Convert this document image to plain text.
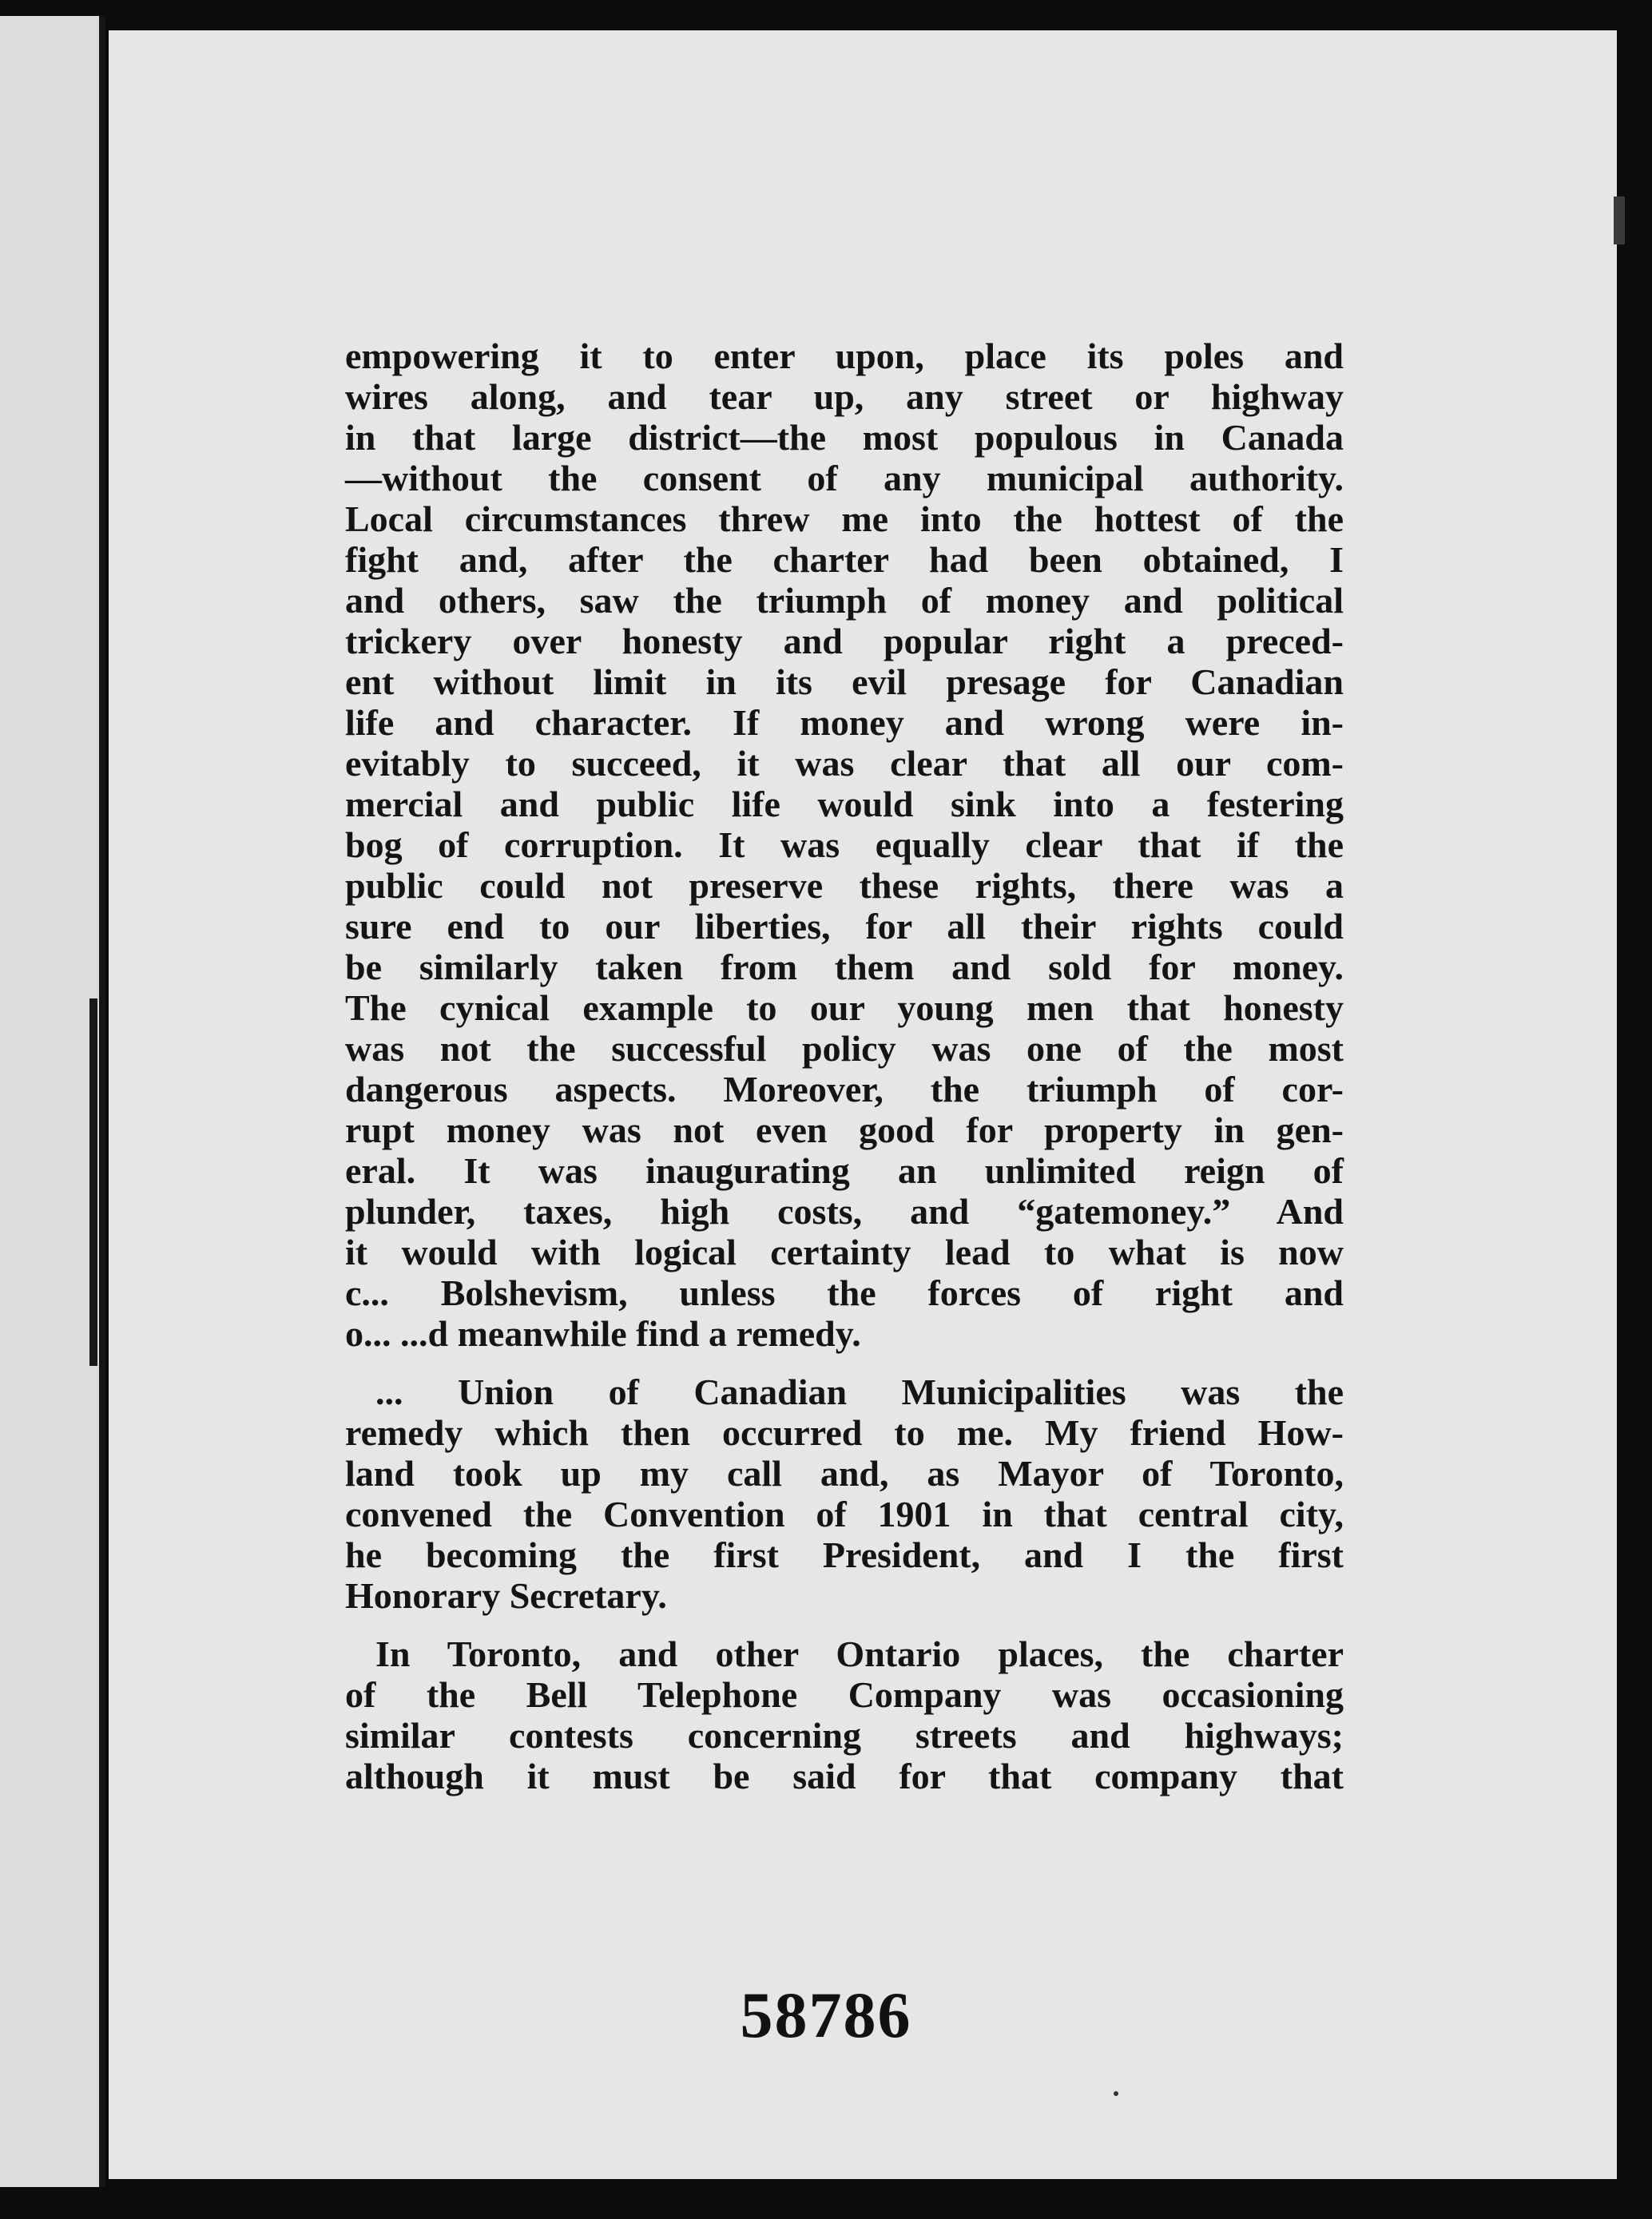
empowering it to enter upon, place its poles and
wires along, and tear up, any street or highway
in that large district—the most populous in Canada
—without the consent of any municipal authority.
Local circumstances threw me into the hottest of the
fight and, after the charter had been obtained, I
and others, saw the triumph of money and political
trickery over honesty and popular right a preced-
ent without limit in its evil presage for Canadian
life and character. If money and wrong were in-
evitably to succeed, it was clear that all our com-
mercial and public life would sink into a festering
bog of corruption. It was equally clear that if the
public could not preserve these rights, there was a
sure end to our liberties, for all their rights could
be similarly taken from them and sold for money.
The cynical example to our young men that honesty
was not the successful policy was one of the most
dangerous aspects. Moreover, the triumph of cor-
rupt money was not even good for property in gen-
eral. It was inaugurating an unlimited reign of
plunder, taxes, high costs, and “gatemoney.” And
it would with logical certainty lead to what is now
c... Bolshevism, unless the forces of right and
o... ...d meanwhile find a remedy.
... Union of Canadian Municipalities was the
remedy which then occurred to me. My friend How-
land took up my call and, as Mayor of Toronto,
convened the Convention of 1901 in that central city,
he becoming the first President, and I the first
Honorary Secretary.
In Toronto, and other Ontario places, the charter
of the Bell Telephone Company was occasioning
similar contests concerning streets and highways;
although it must be said for that company that
58786
